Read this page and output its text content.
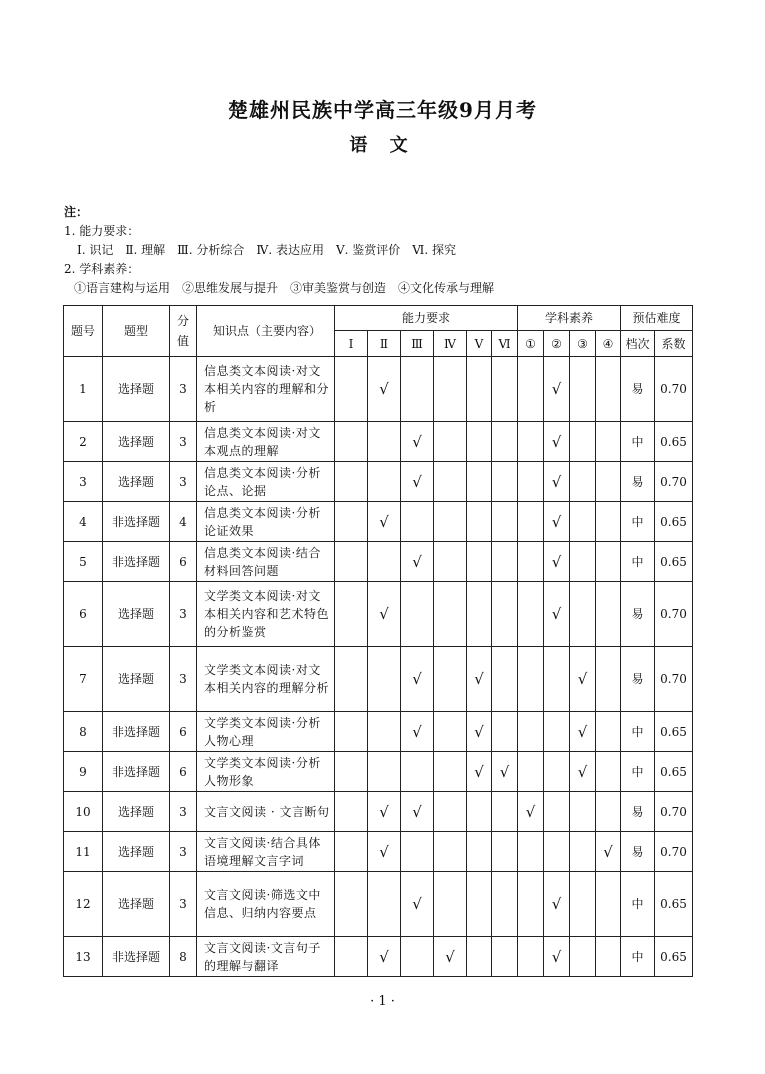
楚雄州民族中学高三年级9月月考
语 文
注：
1. 能力要求：
Ⅰ. 识记　Ⅱ. 理解　Ⅲ. 分析综合　Ⅳ. 表达应用　Ⅴ. 鉴赏评价　Ⅵ. 探究
2. 学科素养：
①语言建构与运用　②思维发展与提升　③审美鉴赏与创造　④文化传承与理解
题号	题型	分值	知识点（主要内容）	能力要求						学科素养				预估难度	
				Ⅰ	Ⅱ	Ⅲ	Ⅳ	Ⅴ	Ⅵ	①	②	③	④	档次	系数
1	选择题	3	信息类文本阅读·对文本相关内容的理解和分析		√						√			易	0.70
2	选择题	3	信息类文本阅读·对文本观点的理解			√					√			中	0.65
3	选择题	3	信息类文本阅读·分析论点、论据			√					√			易	0.70
4	非选择题	4	信息类文本阅读·分析论证效果		√						√			中	0.65
5	非选择题	6	信息类文本阅读·结合材料回答问题			√					√			中	0.65
6	选择题	3	文学类文本阅读·对文本相关内容和艺术特色的分析鉴赏		√						√			易	0.70
7	选择题	3	文学类文本阅读·对文本相关内容的理解分析			√		√				√		易	0.70
8	非选择题	6	文学类文本阅读·分析人物心理			√		√				√		中	0.65
9	非选择题	6	文学类文本阅读·分析人物形象					√	√			√		中	0.65
10	选择题	3	文言文阅读 · 文言断句		√	√				√				易	0.70
11	选择题	3	文言文阅读·结合具体语境理解文言字词		√								√	易	0.70
12	选择题	3	文言文阅读·筛选文中信息、归纳内容要点			√					√			中	0.65
13	非选择题	8	文言文阅读·文言句子的理解与翻译		√		√				√			中	0.65
· 1 ·
